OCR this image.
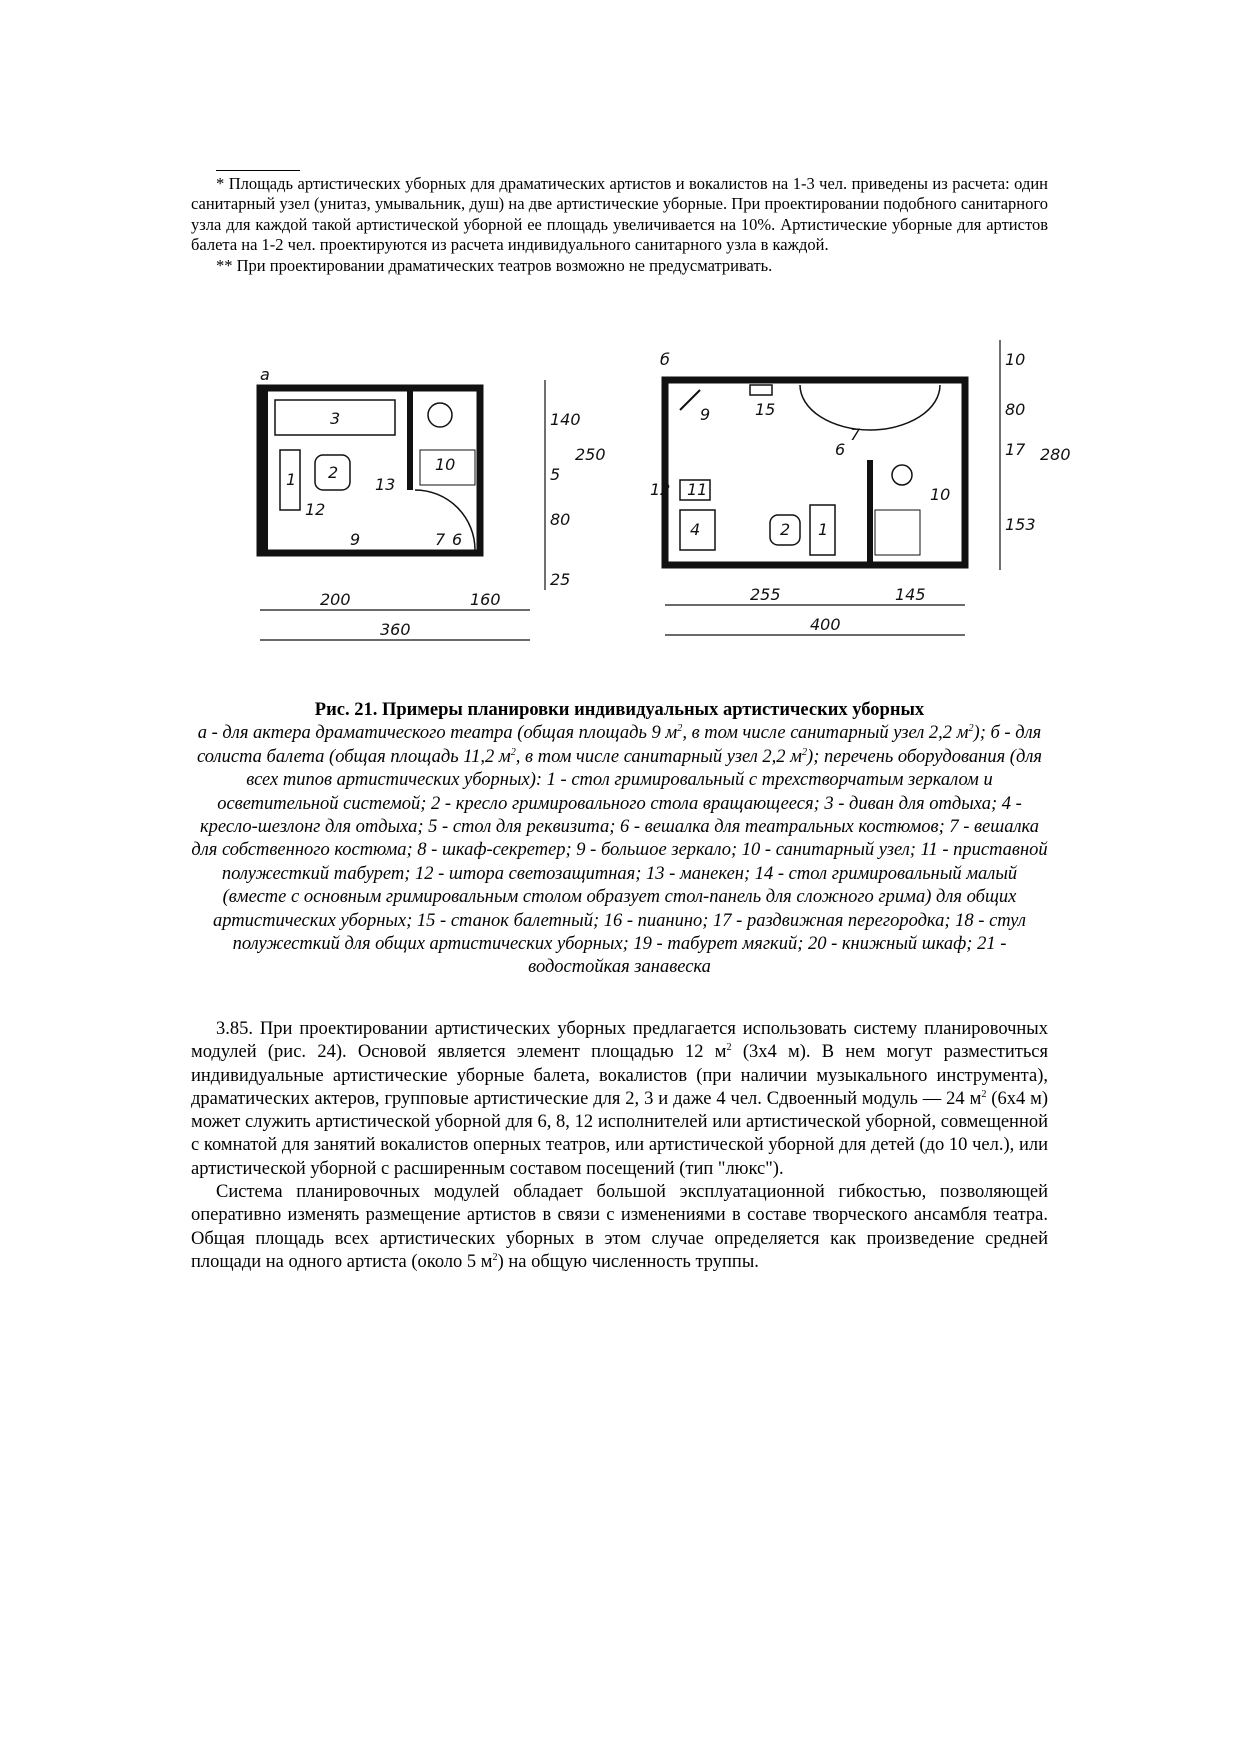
* Площадь артистических уборных для драматических артистов и вокалистов на 1-3 чел. приведены из расчета: один санитарный узел (унитаз, умывальник, душ) на две артистические уборные. При проектировании подобного санитарного узла для каждой такой артистической уборной ее площадь увеличивается на 10%. Артистические уборные для артистов балета на 1-2 чел. проектируются из расчета индивидуального санитарного узла в каждой.

** При проектировании драматических театров возможно не предусматривать.

а
1 2
3
7 6
9
10
12
13
200	160
360
140
5
80
25
250
б
9	15
7
6
11
12
4	2 1
10
255	145
400
10
80
17
153
280

Рис. 21. Примеры планировки индивидуальных артистических уборных

а - для актера драматического театра (общая площадь 9 $м^2$, в том числе санитарный узел 2,2 $м^2$); б - для солиста балета (общая площадь 11,2 $м^2$, в том числе санитарный узел 2,2 $м^2$); перечень оборудования (для всех типов артистических уборных): 1 - стол гримировальный с трехстворчатым зеркалом и осветительной системой; 2 - кресло гримировального стола вращающееся; 3 - диван для отдыха; 4 - кресло-шезлонг для отдыха; 5 - стол для реквизита; 6 - вешалка для театральных костюмов; 7 - вешалка для собственного костюма; 8 - шкаф-секретер; 9 - большое зеркало; 10 - санитарный узел; 11 - приставной полужесткий табурет; 12 - штора светозащитная; 13 - манекен; 14 - стол гримировальный малый (вместе с основным гримировальным столом образует стол-панель для сложного грима) для общих артистических уборных; 15 - станок балетный; 16 - пианино; 17 - раздвижная перегородка; 18 - стул полужесткий для общих артистических уборных; 19 - табурет мягкий; 20 - книжный шкаф; 21 - водостойкая занавеска

3.85. При проектировании артистических уборных предлагается использовать систему планировочных модулей (рис. 24). Основой является элемент площадью 12 $м^2$ (3х4 м). В нем могут разместиться индивидуальные артистические уборные балета, вокалистов (при наличии музыкального инструмента), драматических актеров, групповые артистические для 2, 3 и даже 4 чел. Сдвоенный модуль — 24 $м^2$ (6х4 м) может служить артистической уборной для 6, 8, 12 исполнителей или артистической уборной, совмещенной с комнатой для занятий вокалистов оперных театров, или артистической уборной для детей (до 10 чел.), или артистической уборной с расширенным составом посещений (тип "люкс").

Система планировочных модулей обладает большой эксплуатационной гибкостью, позволяющей оперативно изменять размещение артистов в связи с изменениями в составе творческого ансамбля театра. Общая площадь всех артистических уборных в этом случае определяется как произведение средней площади на одного артиста (около 5 $м^2$) на общую численность труппы.
